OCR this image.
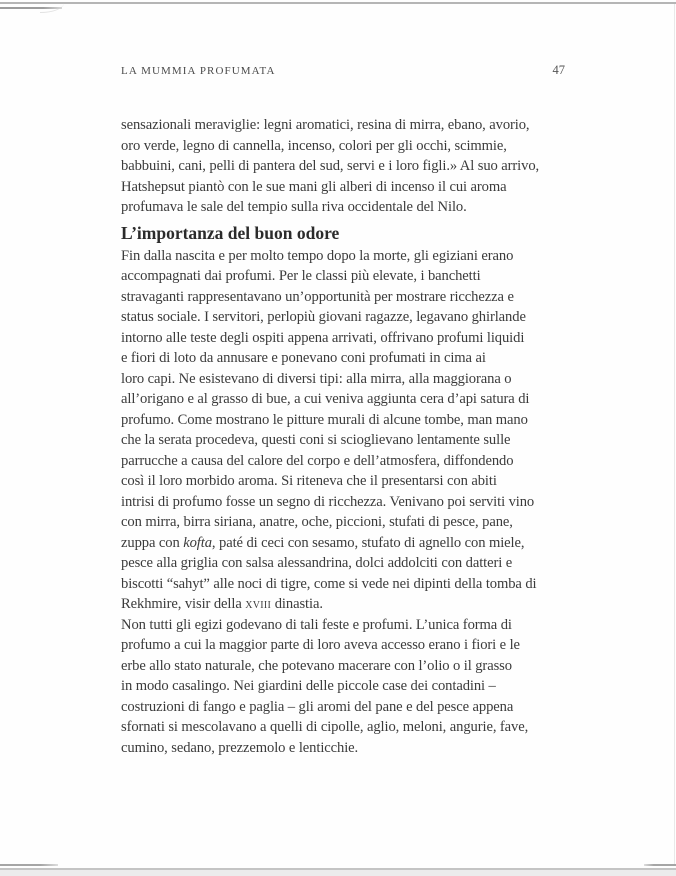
LA MUMMIA PROFUMATA	47
sensazionali meraviglie: legni aromatici, resina di mirra, ebano, avorio,
oro verde, legno di cannella, incenso, colori per gli occhi, scimmie,
babbuini, cani, pelli di pantera del sud, servi e i loro figli.» Al suo arrivo,
Hatshepsut piantò con le sue mani gli alberi di incenso il cui aroma
profumava le sale del tempio sulla riva occidentale del Nilo.
L’importanza del buon odore
Fin dalla nascita e per molto tempo dopo la morte, gli egiziani erano
accompagnati dai profumi. Per le classi più elevate, i banchetti
stravaganti rappresentavano un’opportunità per mostrare ricchezza e
status sociale. I servitori, perlopiù giovani ragazze, legavano ghirlande
intorno alle teste degli ospiti appena arrivati, offrivano profumi liquidi
e fiori di loto da annusare e ponevano coni profumati in cima ai
loro capi. Ne esistevano di diversi tipi: alla mirra, alla maggiorana o
all’origano e al grasso di bue, a cui veniva aggiunta cera d’api satura di
profumo. Come mostrano le pitture murali di alcune tombe, man mano
che la serata procedeva, questi coni si scioglievano lentamente sulle
parrucche a causa del calore del corpo e dell’atmosfera, diffondendo
così il loro morbido aroma. Si riteneva che il presentarsi con abiti
intrisi di profumo fosse un segno di ricchezza. Venivano poi serviti vino
con mirra, birra siriana, anatre, oche, piccioni, stufati di pesce, pane,
zuppa con kofta, paté di ceci con sesamo, stufato di agnello con miele,
pesce alla griglia con salsa alessandrina, dolci addolciti con datteri e
biscotti “sahyt” alle noci di tigre, come si vede nei dipinti della tomba di
Rekhmire, visir della xviii dinastia.
Non tutti gli egizi godevano di tali feste e profumi. L’unica forma di
profumo a cui la maggior parte di loro aveva accesso erano i fiori e le
erbe allo stato naturale, che potevano macerare con l’olio o il grasso
in modo casalingo. Nei giardini delle piccole case dei contadini –
costruzioni di fango e paglia – gli aromi del pane e del pesce appena
sfornati si mescolavano a quelli di cipolle, aglio, meloni, angurie, fave,
cumino, sedano, prezzemolo e lenticchie.
